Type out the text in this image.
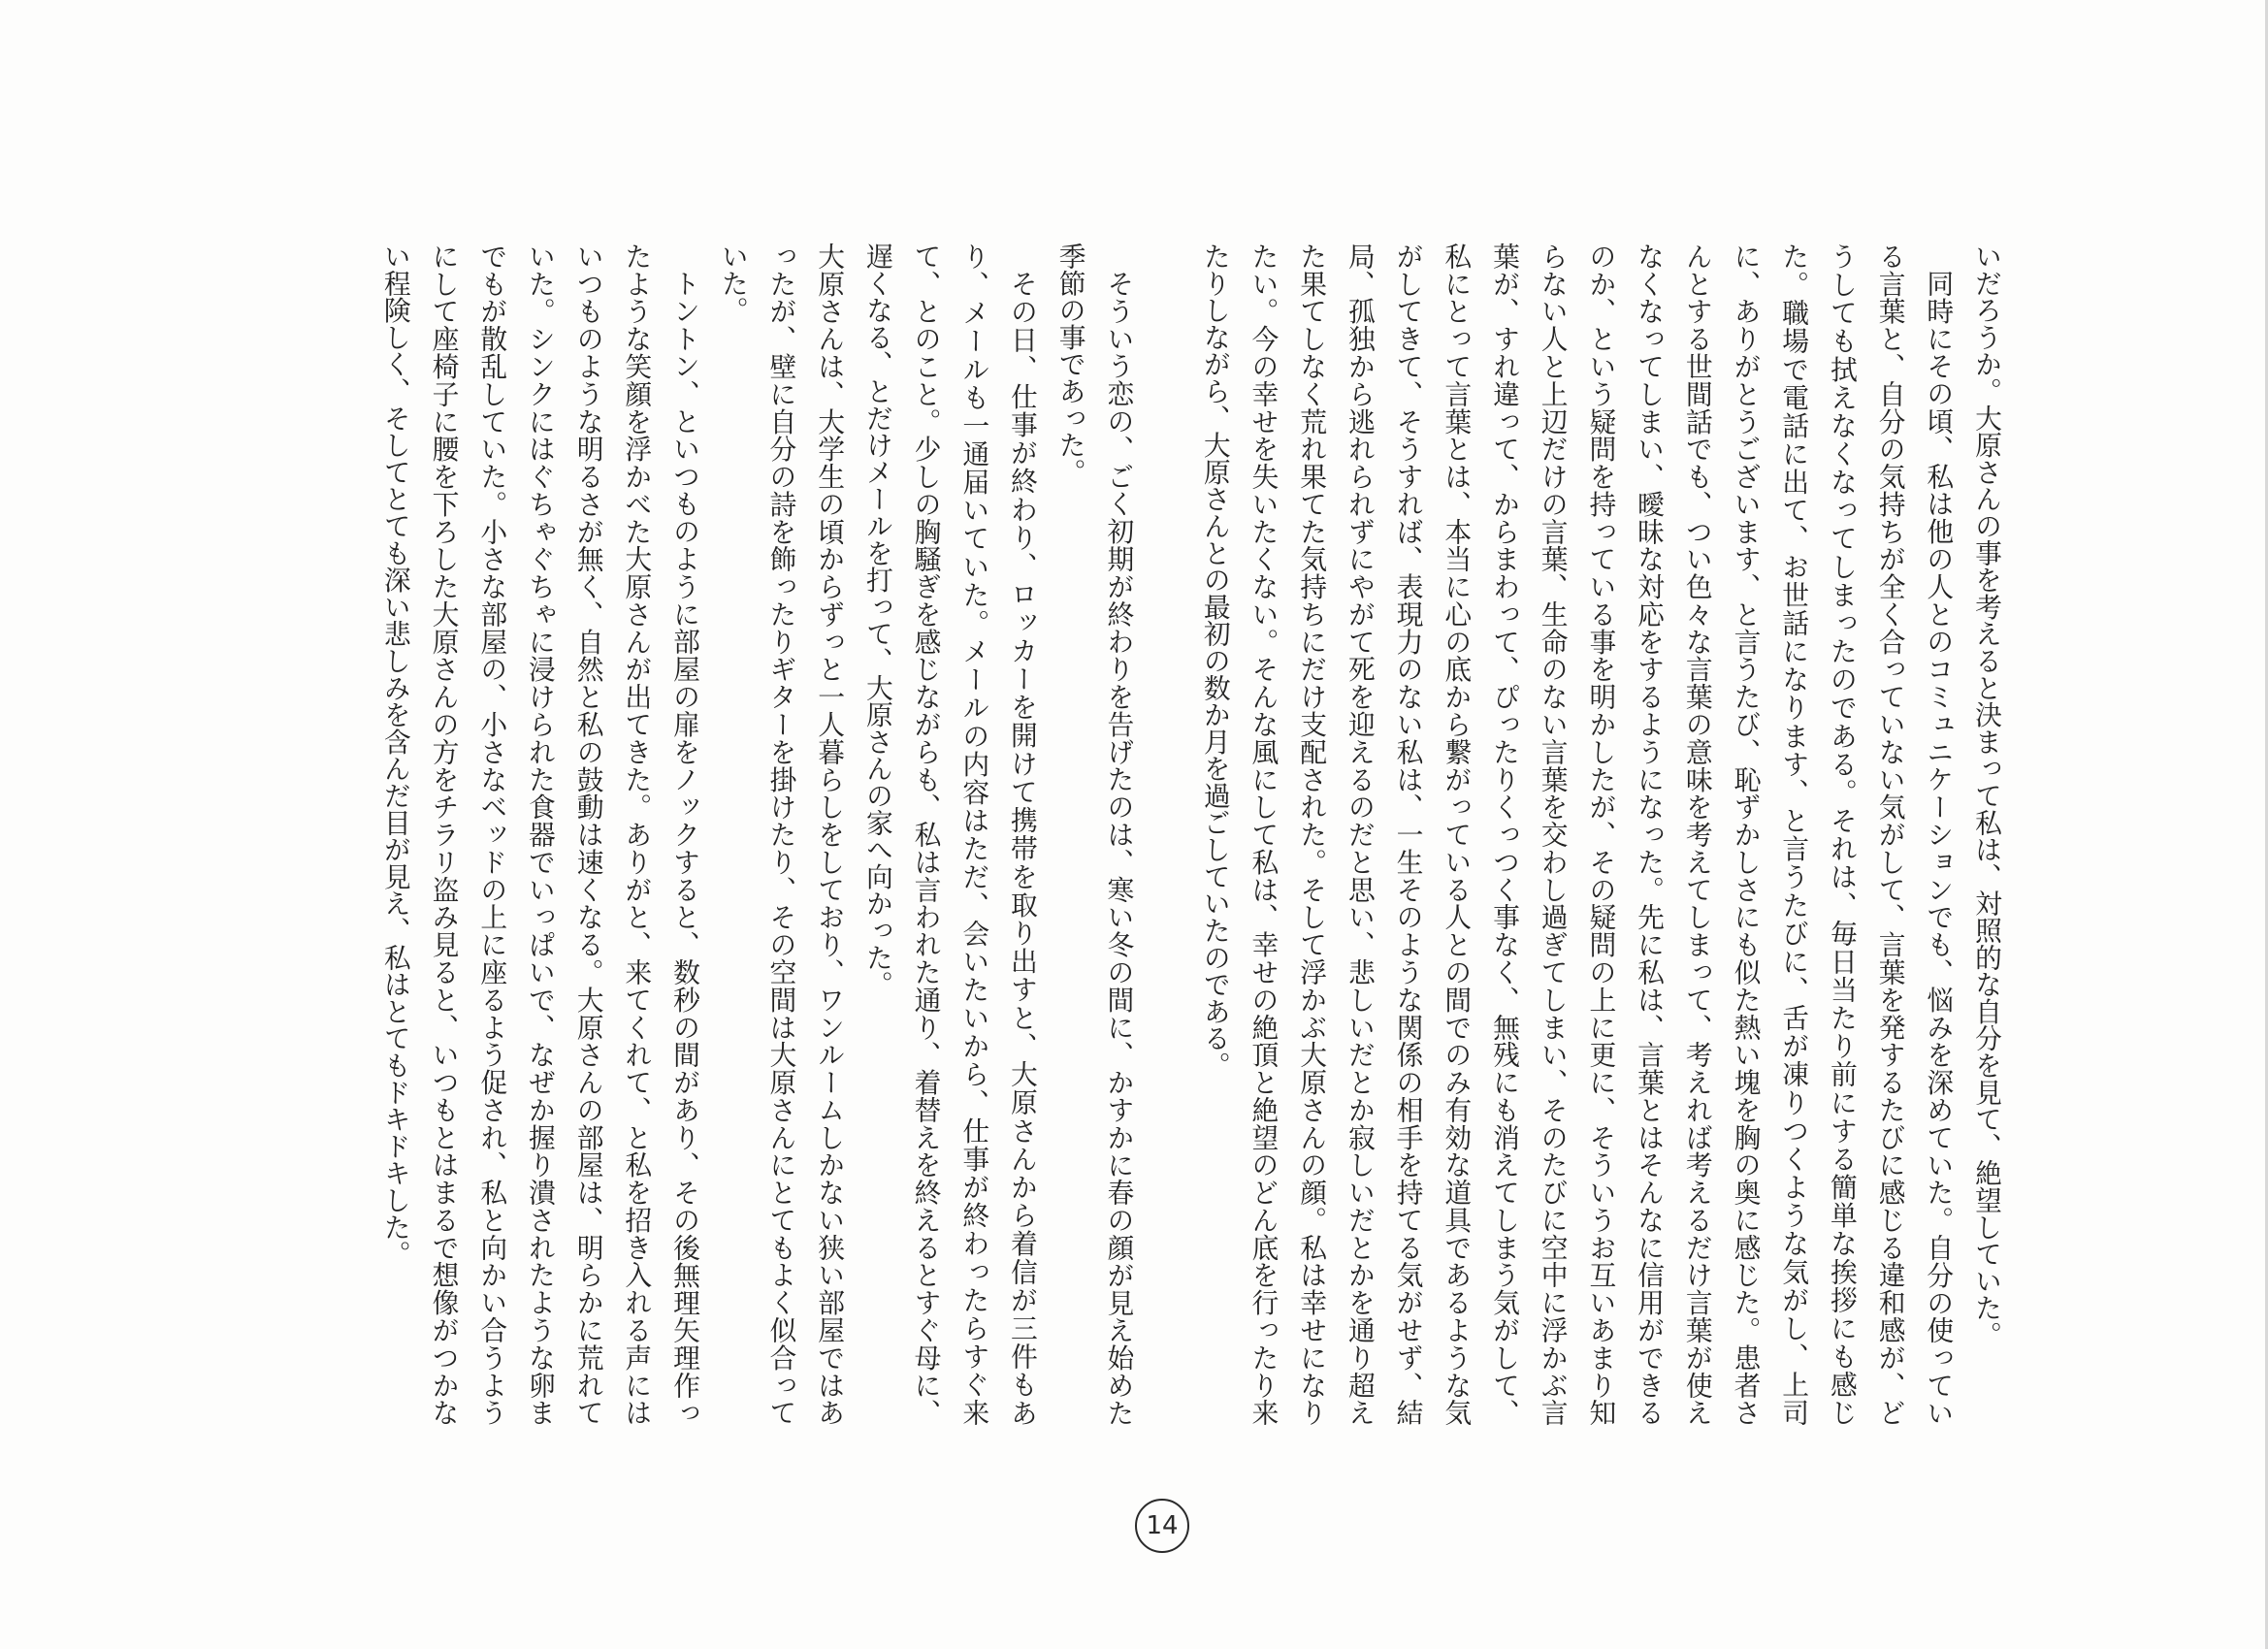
いだろうか。大原さんの事を考えると決まって私は、対照的な自分を見て、絶望していた。

同時にその頃、私は他の人とのコミュニケーションでも、悩みを深めていた。自分の使っている言葉と、自分の気持ちが全く合っていない気がして、言葉を発するたびに感じる違和感が、どうしても拭えなくなってしまったのである。それは、毎日当たり前にする簡単な挨拶にも感じた。職場で電話に出て、お世話になります、と言うたびに、舌が凍りつくような気がし、上司に、ありがとうございます、と言うたび、恥ずかしさにも似た熱い塊を胸の奥に感じた。患者さんとする世間話でも、つい色々な言葉の意味を考えてしまって、考えれば考えるだけ言葉が使えなくなってしまい、曖昧な対応をするようになった。先に私は、言葉とはそんなに信用ができるのか、という疑問を持っている事を明かしたが、その疑問の上に更に、そういうお互いあまり知らない人と上辺だけの言葉、生命のない言葉を交わし過ぎてしまい、そのたびに空中に浮かぶ言葉が、すれ違って、からまわって、ぴったりくっつく事なく、無残にも消えてしまう気がして、私にとって言葉とは、本当に心の底から繋がっている人との間でのみ有効な道具であるような気がしてきて、そうすれば、表現力のない私は、一生そのような関係の相手を持てる気がせず、結局、孤独から逃れられずにやがて死を迎えるのだと思い、悲しいだとか寂しいだとかを通り超えた果てしなく荒れ果てた気持ちにだけ支配された。そして浮かぶ大原さんの顔。私は幸せになりたい。今の幸せを失いたくない。そんな風にして私は、幸せの絶頂と絶望のどん底を行ったり来たりしながら、大原さんとの最初の数か月を過ごしていたのである。

そういう恋の、ごく初期が終わりを告げたのは、寒い冬の間に、かすかに春の顔が見え始めた季節の事であった。

その日、仕事が終わり、ロッカーを開けて携帯を取り出すと、大原さんから着信が三件もあり、メールも一通届いていた。メールの内容はただ、会いたいから、仕事が終わったらすぐ来て、とのこと。少しの胸騒ぎを感じながらも、私は言われた通り、着替えを終えるとすぐ母に、遅くなる、とだけメールを打って、大原さんの家へ向かった。

大原さんは、大学生の頃からずっと一人暮らしをしており、ワンルームしかない狭い部屋ではあったが、壁に自分の詩を飾ったりギターを掛けたり、その空間は大原さんにとてもよく似合っていた。

トントン、といつものように部屋の扉をノックすると、数秒の間があり、その後無理矢理作ったような笑顔を浮かべた大原さんが出てきた。ありがと、来てくれて、と私を招き入れる声にはいつものような明るさが無く、自然と私の鼓動は速くなる。大原さんの部屋は、明らかに荒れていた。シンクにはぐちゃぐちゃに浸けられた食器でいっぱいで、なぜか握り潰されたような卵までもが散乱していた。小さな部屋の、小さなベッドの上に座るよう促され、私と向かい合うようにして座椅子に腰を下ろした大原さんの方をチラリ盗み見ると、いつもとはまるで想像がつかない程険しく、そしてとても深い悲しみを含んだ目が見え、私はとてもドキドキした。

14
